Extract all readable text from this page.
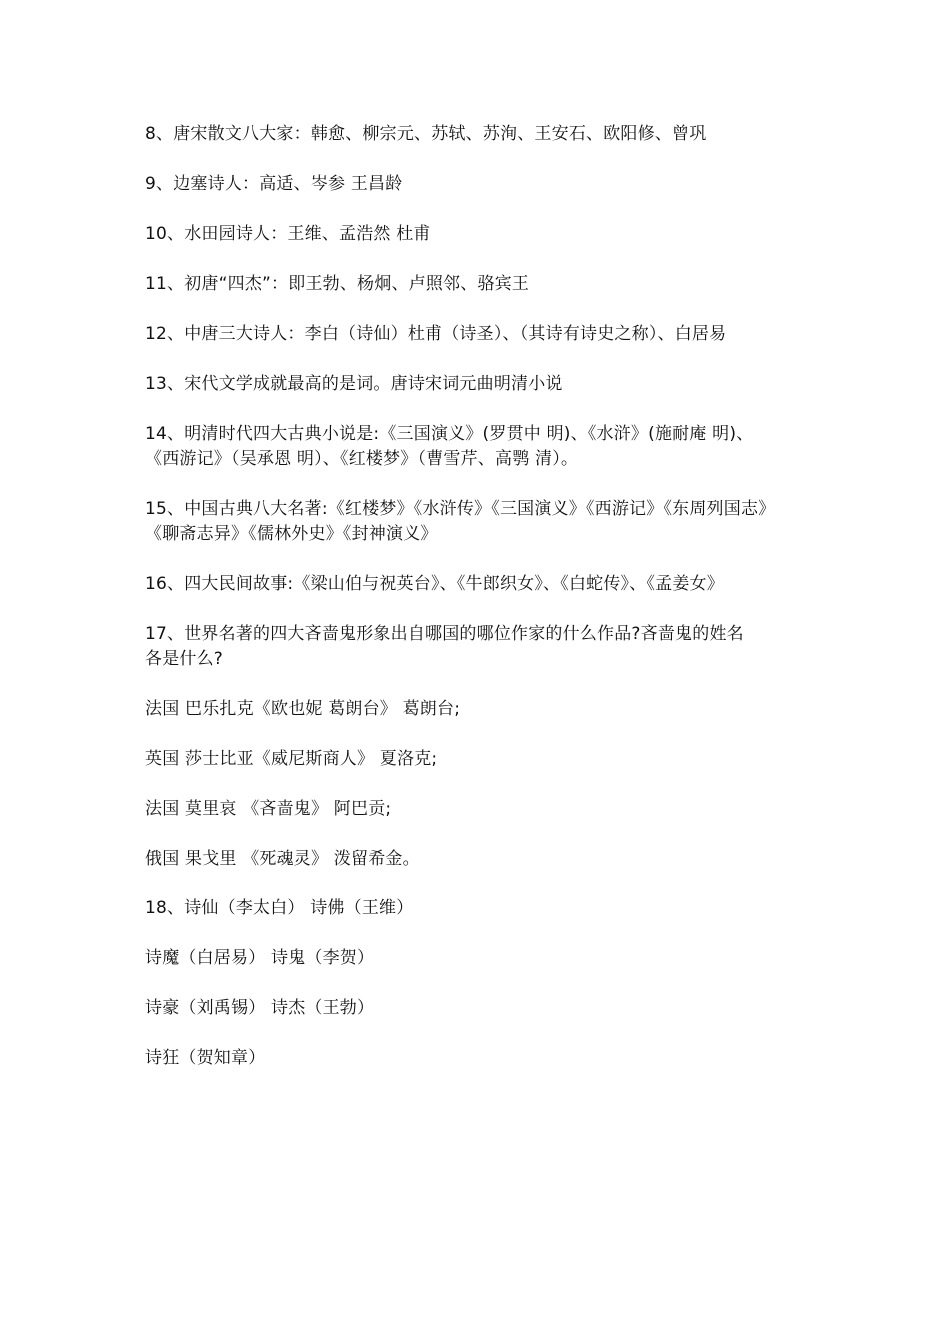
8、唐宋散文八大家：韩愈、柳宗元、苏轼、苏洵、王安石、欧阳修、曾巩
9、边塞诗人：高适、岑参 王昌龄
10、水田园诗人：王维、孟浩然 杜甫
11、初唐“四杰”：即王勃、杨炯、卢照邻、骆宾王
12、中唐三大诗人：李白（诗仙）杜甫（诗圣）、（其诗有诗史之称）、白居易
13、宋代文学成就最高的是词。唐诗宋词元曲明清小说
14、明清时代四大古典小说是:《三国演义》(罗贯中 明)、《水浒》(施耐庵 明)、
《西游记》（吴承恩 明）、《红楼梦》（曹雪芹、高鹗 清）。
15、中国古典八大名著:《红楼梦》《水浒传》《三国演义》《西游记》《东周列国志》
《聊斋志异》《儒林外史》《封神演义》
16、四大民间故事:《梁山伯与祝英台》、《牛郎织女》、《白蛇传》、《孟姜女》
17、世界名著的四大吝啬鬼形象出自哪国的哪位作家的什么作品?吝啬鬼的姓名
各是什么?
法国 巴乐扎克《欧也妮 葛朗台》 葛朗台;
英国 莎士比亚《威尼斯商人》 夏洛克;
法国 莫里哀 《吝啬鬼》 阿巴贡;
俄国 果戈里 《死魂灵》 泼留希金。
18、诗仙（李太白） 诗佛（王维）
诗魔（白居易） 诗鬼（李贺）
诗豪（刘禹锡） 诗杰（王勃）
诗狂（贺知章）
